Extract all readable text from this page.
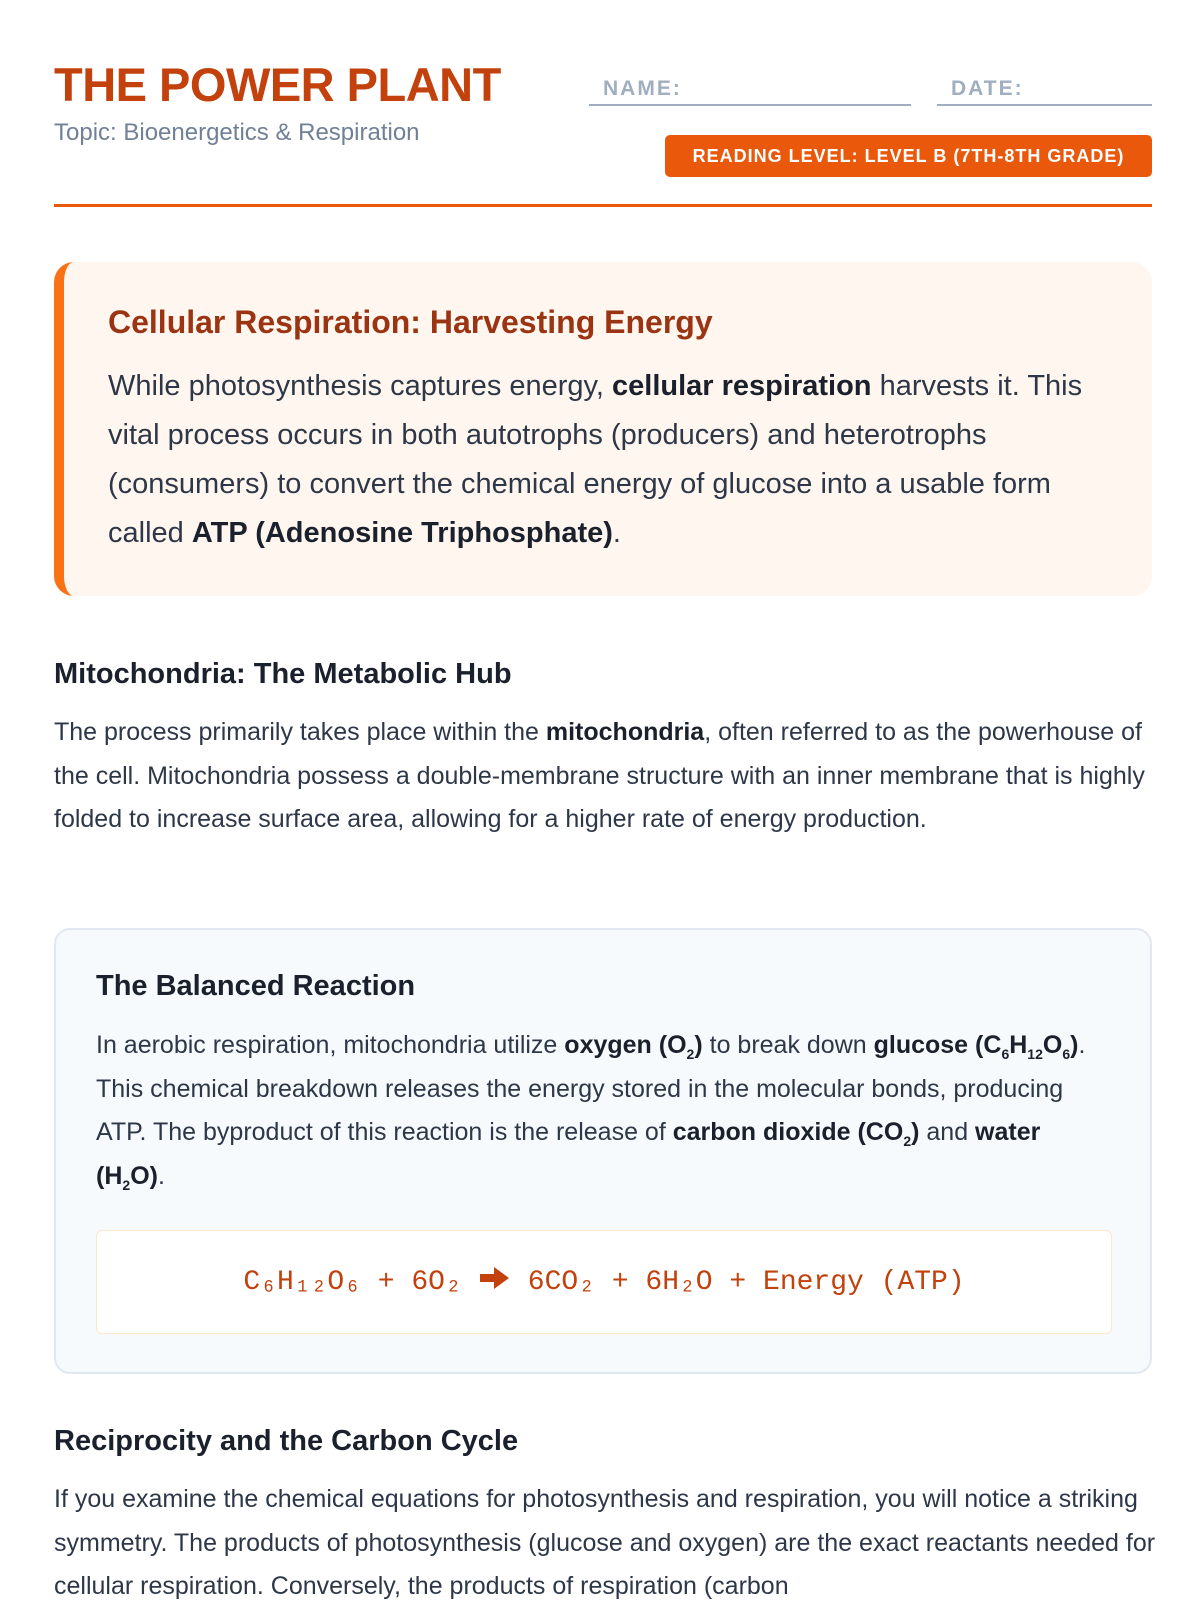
THE POWER PLANT
Topic: Bioenergetics & Respiration
NAME:	DATE:
READING LEVEL: LEVEL B (7TH-8TH GRADE)
Cellular Respiration: Harvesting Energy

While photosynthesis captures energy, cellular respiration harvests it. This vital process occurs in both autotrophs (producers) and heterotrophs (consumers) to convert the chemical energy of glucose into a usable form called ATP (Adenosine Triphosphate).

Mitochondria: The Metabolic Hub

The process primarily takes place within the mitochondria, often referred to as the powerhouse of the cell. Mitochondria possess a double-membrane structure with an inner membrane that is highly folded to increase surface area, allowing for a higher rate of energy production.

The Balanced Reaction

In aerobic respiration, mitochondria utilize oxygen $(O_2)$ to break down glucose $(C_6H_{12}O_6)$. This chemical breakdown releases the energy stored in the molecular bonds, producing ATP. The byproduct of this reaction is the release of carbon dioxide $(CO_2)$ and water $(H_2O)$.

C₆H₁₂O₆ + 6O₂ 6CO₂ + 6H₂O + Energy (ATP)
Reciprocity and the Carbon Cycle

If you examine the chemical equations for photosynthesis and respiration, you will notice a striking symmetry. The products of photosynthesis (glucose and oxygen) are the exact reactants needed for cellular respiration. Conversely, the products of respiration (carbon
